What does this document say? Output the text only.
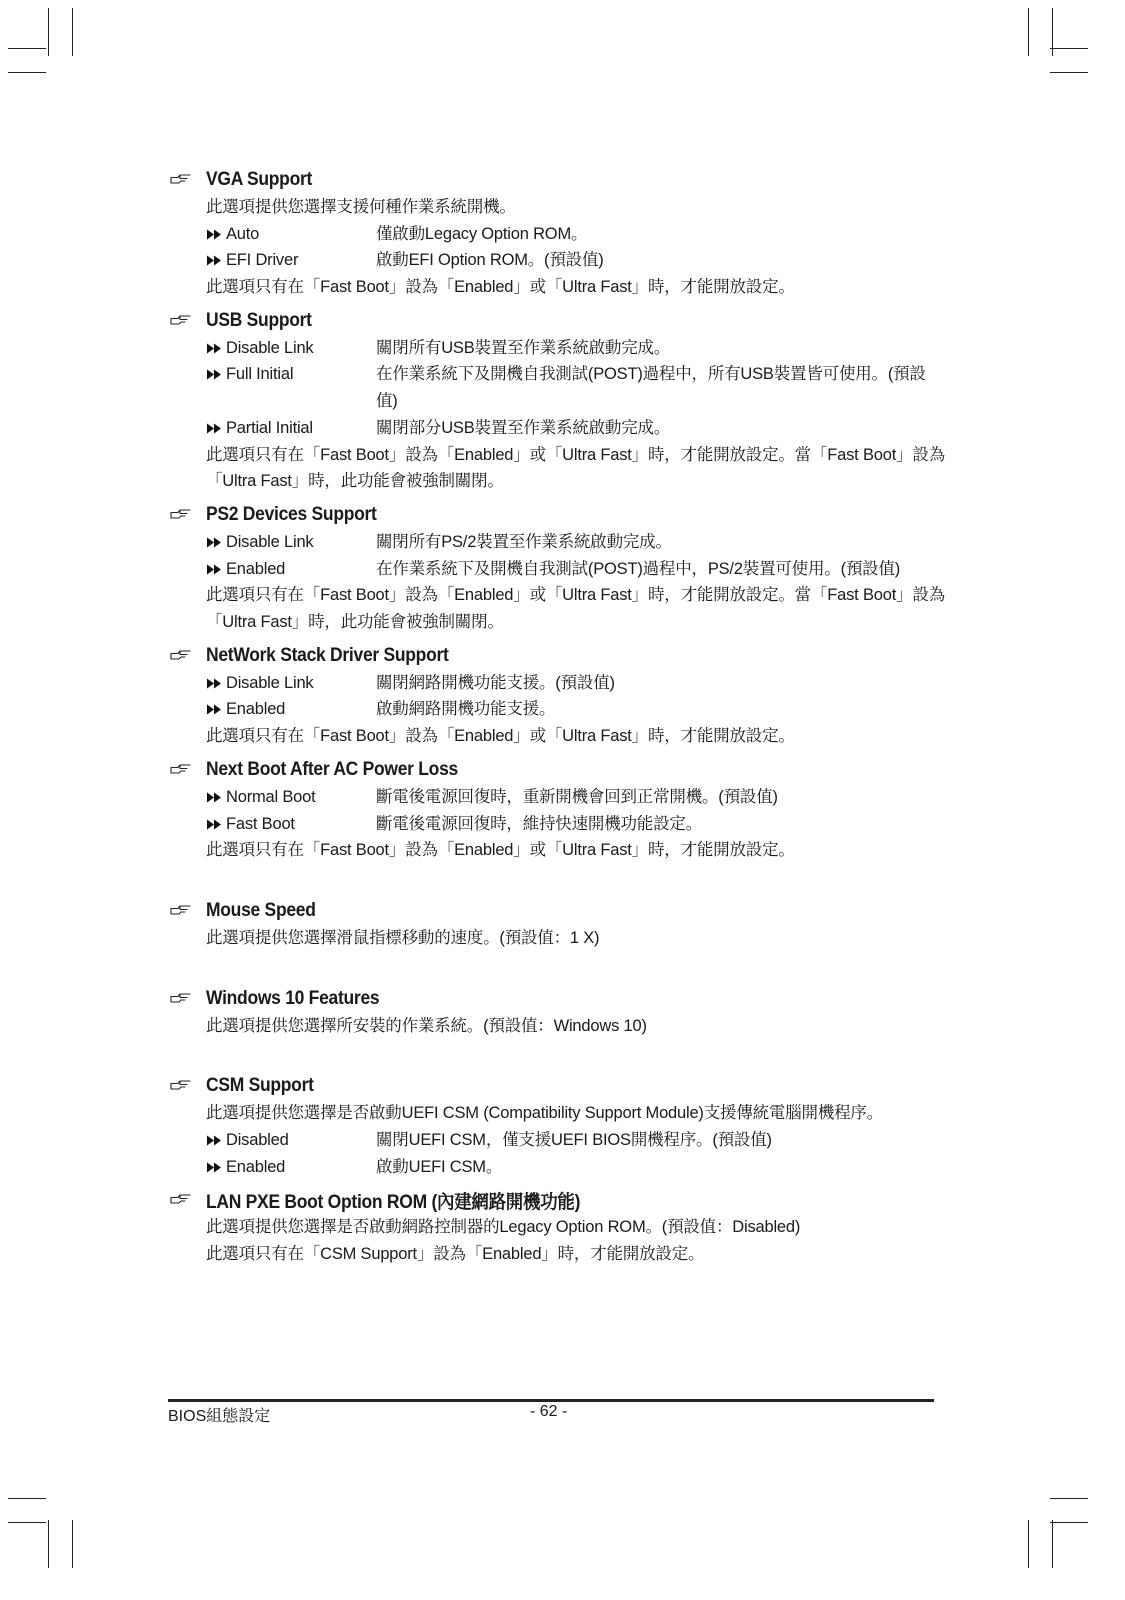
VGA Support
此選項提供您選擇支援何種作業系統開機。
Auto	僅啟動Legacy Option ROM。
EFI Driver	啟動EFI Option ROM。(預設值)
此選項只有在「Fast Boot」設為「Enabled」或「Ultra Fast」時，才能開放設定。
USB Support
Disable Link	關閉所有USB裝置至作業系統啟動完成。
Full Initial	在作業系統下及開機自我測試(POST)過程中，所有USB裝置皆可使用。(預設值)
Partial Initial	關閉部分USB裝置至作業系統啟動完成。
此選項只有在「Fast Boot」設為「Enabled」或「Ultra Fast」時，才能開放設定。當「Fast Boot」設為
「Ultra Fast」時，此功能會被強制關閉。
PS2 Devices Support
Disable Link	關閉所有PS/2裝置至作業系統啟動完成。
Enabled	在作業系統下及開機自我測試(POST)過程中，PS/2裝置可使用。(預設值)
此選項只有在「Fast Boot」設為「Enabled」或「Ultra Fast」時，才能開放設定。當「Fast Boot」設為
「Ultra Fast」時，此功能會被強制關閉。
NetWork Stack Driver Support
Disable Link	關閉網路開機功能支援。(預設值)
Enabled	啟動網路開機功能支援。
此選項只有在「Fast Boot」設為「Enabled」或「Ultra Fast」時，才能開放設定。
Next Boot After AC Power Loss
Normal Boot	斷電後電源回復時，重新開機會回到正常開機。(預設值)
Fast Boot	斷電後電源回復時，維持快速開機功能設定。
此選項只有在「Fast Boot」設為「Enabled」或「Ultra Fast」時，才能開放設定。
Mouse Speed
此選項提供您選擇滑鼠指標移動的速度。(預設值：1 X)
Windows 10 Features
此選項提供您選擇所安裝的作業系統。(預設值：Windows 10)
CSM Support
此選項提供您選擇是否啟動UEFI CSM (Compatibility Support Module)支援傳統電腦開機程序。
Disabled	關閉UEFI CSM，僅支援UEFI BIOS開機程序。(預設值)
Enabled	啟動UEFI CSM。
LAN PXE Boot Option ROM (內建網路開機功能)
此選項提供您選擇是否啟動網路控制器的Legacy Option ROM。(預設值：Disabled)
此選項只有在「CSM Support」設為「Enabled」時，才能開放設定。
BIOS組態設定	- 62 -
